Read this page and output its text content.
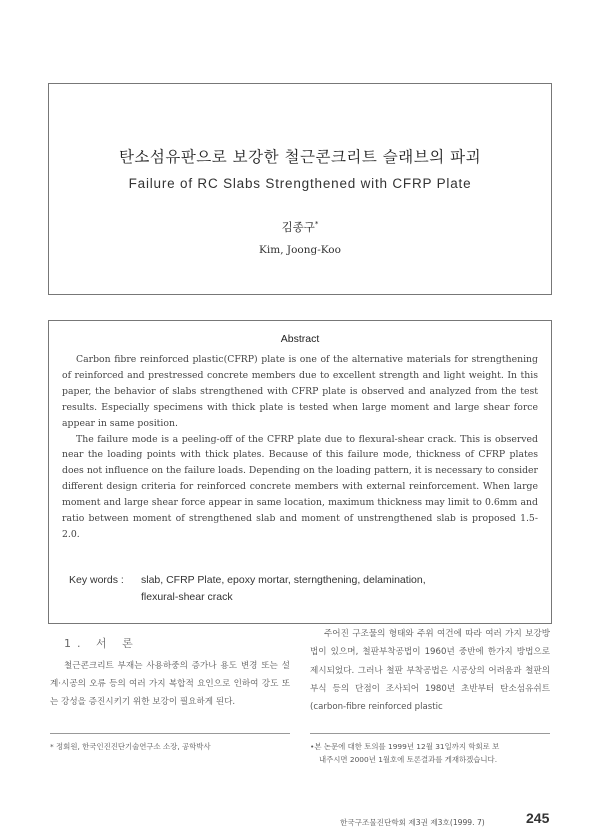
탄소섬유판으로 보강한 철근콘크리트 슬래브의 파괴
Failure of RC Slabs Strengthened with CFRP Plate
김종구*
Kim, Joong-Koo
Abstract

Carbon fibre reinforced plastic(CFRP) plate is one of the alternative materials for strengthening of reinforced and prestressed concrete members due to excellent strength and light weight. In this paper, the behavior of slabs strengthened with CFRP plate is observed and analyzed from the test results. Especially specimens with thick plate is tested when large moment and large shear force appear in same position.

The failure mode is a peeling-off of the CFRP plate due to flexural-shear crack. This is observed near the loading points with thick plates. Because of this failure mode, thickness of CFRP plates does not influence on the failure loads. Depending on the loading pattern, it is necessary to consider different design criteria for reinforced concrete members with external reinforcement. When large moment and large shear force appear in same location, maximum thickness may limit to 0.6mm and ratio between moment of strengthened slab and moment of unstrengthened slab is proposed 1.5-2.0.

Key words : slab, CFRP Plate, epoxy mortar, sterngthening, delamination,
flexural-shear crack
1. 서 론

철근콘크리트 부재는 사용하중의 증가나 용도 변경 또는 설계·시공의 오류 등의 여러 가지 복합적 요인으로 인하여 강도 또는 강성을 증진시키기 위한 보강이 필요하게 된다.

주어진 구조물의 형태와 주위 여건에 따라 여러 가지 보강방법이 있으며, 철판부착공법이 1960년 중반에 한가지 방법으로 제시되었다. 그러나 철판 부착공법은 시공상의 어려움과 철판의 부식 등의 단점이 조사되어 1980년 초반부터 탄소섬유쉬트(carbon-fibre reinforced plastic

* 정회원, 한국인진진단기술연구소 소장, 공학박사	•본 논문에 대한 토의를 1999년 12월 31일까지 학회로 보
내주시면 2000년 1월호에 토론결과를 게재하겠습니다.
한국구조물진단학회 제3권 제3호(1999. 7)	245
